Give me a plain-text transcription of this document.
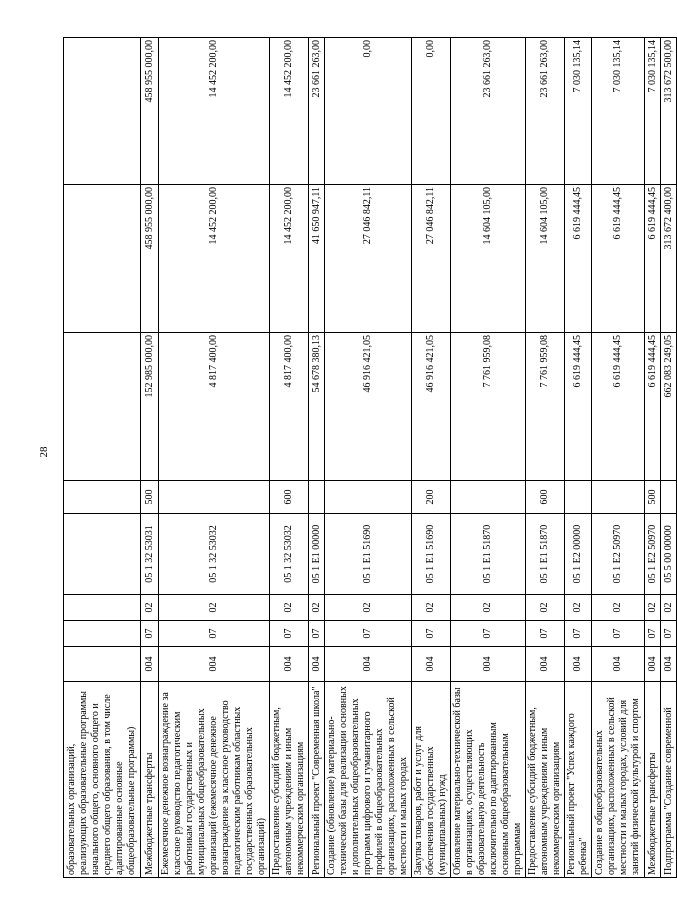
28
образовательных организаций, реализующих образовательные программы начального общего, основного общего и среднего общего образования, в том числе адаптированные основные общеобразовательные программы)								
Межбюджетные трансферты	004	07	02	05 1 32 53031	500	152 985 000,00	458 955 000,00	458 955 000,00
Ежемесячное денежное вознаграждение за классное руководство педагогическим работникам государственных и муниципальных общеобразовательных организаций (ежемесячное денежное вознаграждение за классное руководство педагогическим работникам областных государственных образовательных организаций)	004	07	02	05 1 32 53032		4 817 400,00	14 452 200,00	14 452 200,00
Предоставление субсидий бюджетным, автономным учреждениям и иным некоммерческим организациям	004	07	02	05 1 32 53032	600	4 817 400,00	14 452 200,00	14 452 200,00
Региональный проект "Современная школа"	004	07	02	05 1 Е1 00000		54 678 380,13	41 650 947,11	23 661 263,00
Создание (обновление) материально-технической базы для реализации основных и дополнительных общеобразовательных программ цифрового и гуманитарного профилей в общеобразовательных организациях, расположенных в сельской местности и малых городах	004	07	02	05 1 Е1 51690		46 916 421,05	27 046 842,11	0,00
Закупка товаров, работ и услуг для обеспечения государственных (муниципальных) нужд	004	07	02	05 1 Е1 51690	200	46 916 421,05	27 046 842,11	0,00
Обновление материально-технической базы в организациях, осуществляющих образовательную деятельность исключительно по адаптированным основным общеобразовательным программам	004	07	02	05 1 Е1 51870		7 761 959,08	14 604 105,00	23 661 263,00
Предоставление субсидий бюджетным, автономным учреждениям и иным некоммерческим организациям	004	07	02	05 1 Е1 51870	600	7 761 959,08	14 604 105,00	23 661 263,00
Региональный проект "Успех каждого ребенка"	004	07	02	05 1 Е2 00000		6 619 444,45	6 619 444,45	7 030 135,14
Создание в общеобразовательных организациях, расположенных в сельской местности и малых городах, условий для занятий физической культурой и спортом	004	07	02	05 1 Е2 50970		6 619 444,45	6 619 444,45	7 030 135,14
Межбюджетные трансферты	004	07	02	05 1 Е2 50970	500	6 619 444,45	6 619 444,45	7 030 135,14
Подпрограмма "Создание современной	004	07	02	05 5 00 00000		662 083 249,05	313 672 400,00	313 672 500,00
